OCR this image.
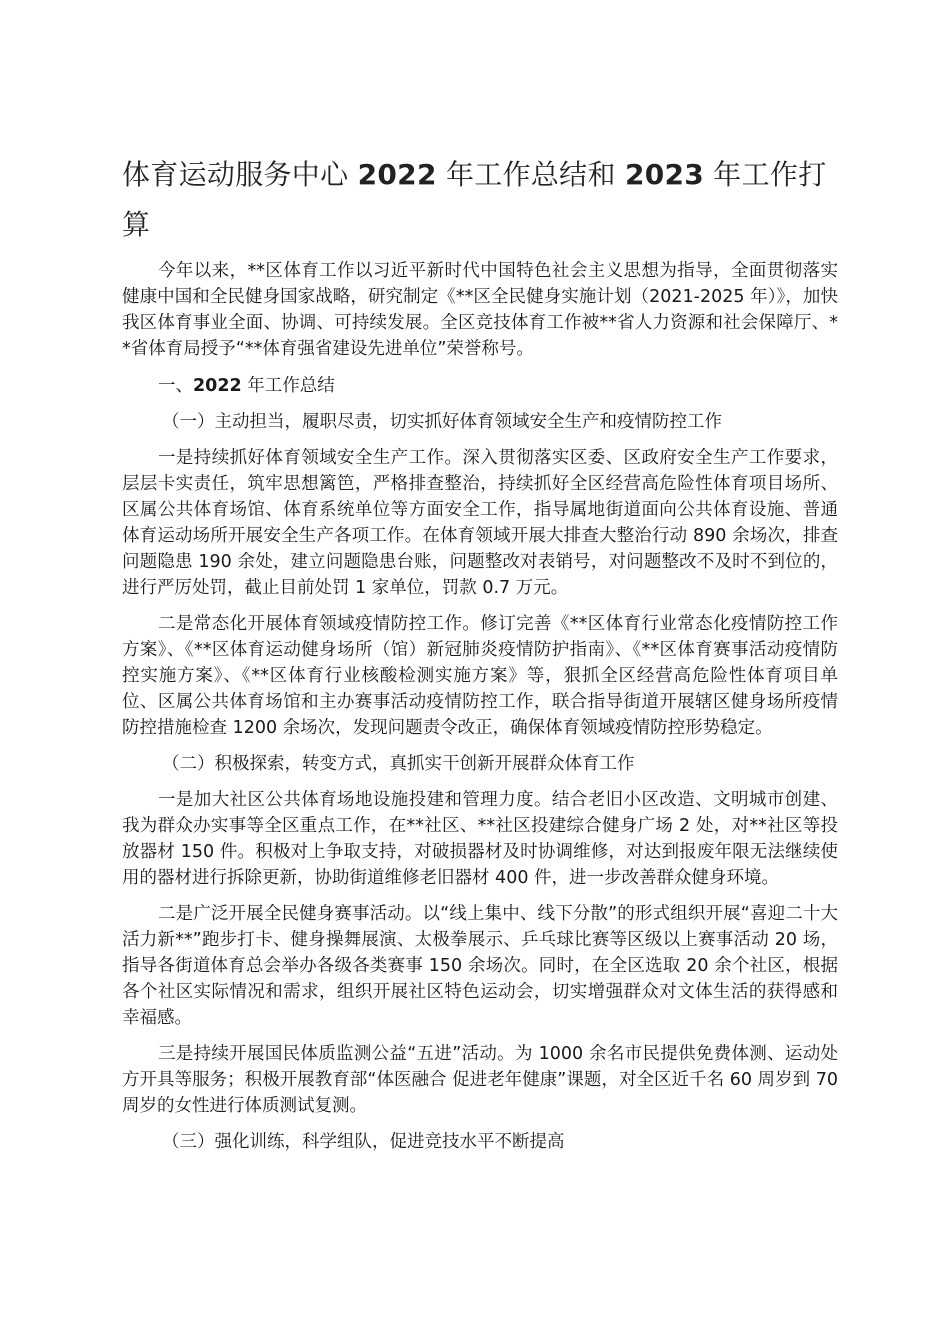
体育运动服务中心 2022 年工作总结和 2023 年工作打算

今年以来，**区体育工作以习近平新时代中国特色社会主义思想为指导，全面贯彻落实健康中国和全民健身国家战略，研究制定《**区全民健身实施计划（2021-2025 年）》，加快我区体育事业全面、协调、可持续发展。全区竞技体育工作被**省人力资源和社会保障厅、**省体育局授予“**体育强省建设先进单位”荣誉称号。

一、2022 年工作总结
（一）主动担当，履职尽责，切实抓好体育领域安全生产和疫情防控工作

一是持续抓好体育领域安全生产工作。深入贯彻落实区委、区政府安全生产工作要求，层层卡实责任，筑牢思想篱笆，严格排查整治，持续抓好全区经营高危险性体育项目场所、区属公共体育场馆、体育系统单位等方面安全工作，指导属地街道面向公共体育设施、普通体育运动场所开展安全生产各项工作。在体育领域开展大排查大整治行动 890 余场次，排查问题隐患 190 余处，建立问题隐患台账，问题整改对表销号，对问题整改不及时不到位的，进行严厉处罚，截止目前处罚 1 家单位，罚款 0.7 万元。

二是常态化开展体育领域疫情防控工作。修订完善《**区体育行业常态化疫情防控工作方案》、《**区体育运动健身场所（馆）新冠肺炎疫情防护指南》、《**区体育赛事活动疫情防控实施方案》、《**区体育行业核酸检测实施方案》等，狠抓全区经营高危险性体育项目单位、区属公共体育场馆和主办赛事活动疫情防控工作，联合指导街道开展辖区健身场所疫情防控措施检查 1200 余场次，发现问题责令改正，确保体育领域疫情防控形势稳定。

（二）积极探索，转变方式，真抓实干创新开展群众体育工作

一是加大社区公共体育场地设施投建和管理力度。结合老旧小区改造、文明城市创建、我为群众办实事等全区重点工作，在**社区、**社区投建综合健身广场 2 处，对**社区等投放器材 150 件。积极对上争取支持，对破损器材及时协调维修，对达到报废年限无法继续使用的器材进行拆除更新，协助街道维修老旧器材 400 件，进一步改善群众健身环境。

二是广泛开展全民健身赛事活动。以“线上集中、线下分散”的形式组织开展“喜迎二十大 活力新**”跑步打卡、健身操舞展演、太极拳展示、乒乓球比赛等区级以上赛事活动 20 场，指导各街道体育总会举办各级各类赛事 150 余场次。同时，在全区选取 20 余个社区，根据各个社区实际情况和需求，组织开展社区特色运动会，切实增强群众对文体生活的获得感和幸福感。

三是持续开展国民体质监测公益“五进”活动。为 1000 余名市民提供免费体测、运动处方开具等服务；积极开展教育部“体医融合 促进老年健康”课题，对全区近千名 60 周岁到 70 周岁的女性进行体质测试复测。

（三）强化训练，科学组队，促进竞技水平不断提高
